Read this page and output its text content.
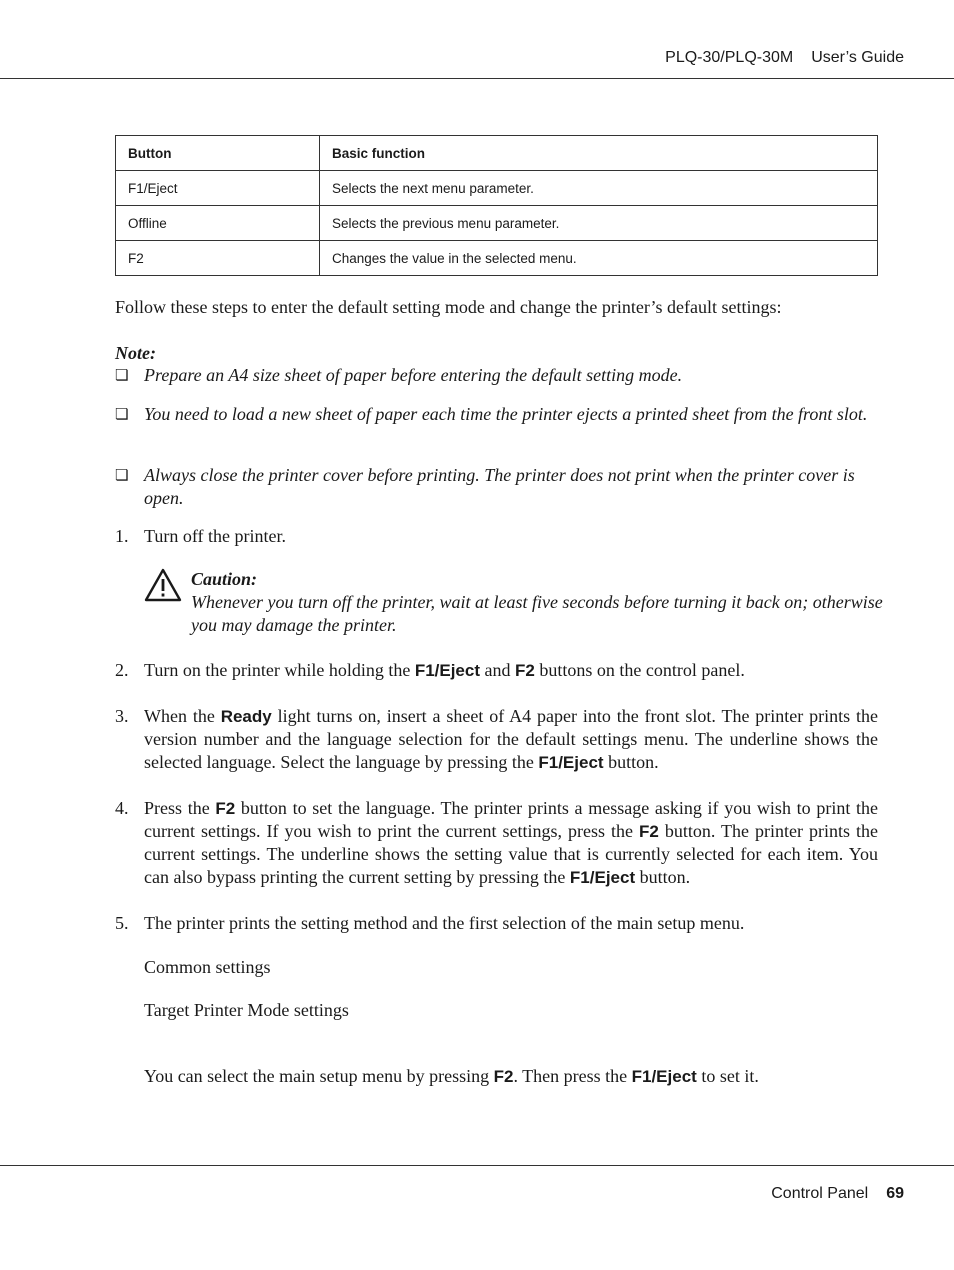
PLQ-30/PLQ-30M User’s Guide
Button	Basic function
F1/Eject	Selects the next menu parameter.
Offline	Selects the previous menu parameter.
F2	Changes the value in the selected menu.
Follow these steps to enter the default setting mode and change the printer’s default settings:
Note:
❏ Prepare an A4 size sheet of paper before entering the default setting mode.
❏ You need to load a new sheet of paper each time the printer ejects a printed sheet from the front slot.
❏ Always close the printer cover before printing. The printer does not print when the printer cover is open.
1. Turn off the printer.
Caution:
Whenever you turn off the printer, wait at least five seconds before turning it back on; otherwise you may damage the printer.
2. Turn on the printer while holding the F1/Eject and F2 buttons on the control panel.
3. When the Ready light turns on, insert a sheet of A4 paper into the front slot. The printer prints the version number and the language selection for the default settings menu. The underline shows the selected language. Select the language by pressing the F1/Eject button.
4. Press the F2 button to set the language. The printer prints a message asking if you wish to print the current settings. If you wish to print the current settings, press the F2 button. The printer prints the current settings. The underline shows the setting value that is currently selected for each item. You can also bypass printing the current setting by pressing the F1/Eject button.
5. The printer prints the setting method and the first selection of the main setup menu.
Common settings
Target Printer Mode settings
You can select the main setup menu by pressing F2. Then press the F1/Eject to set it.
Control Panel 69
